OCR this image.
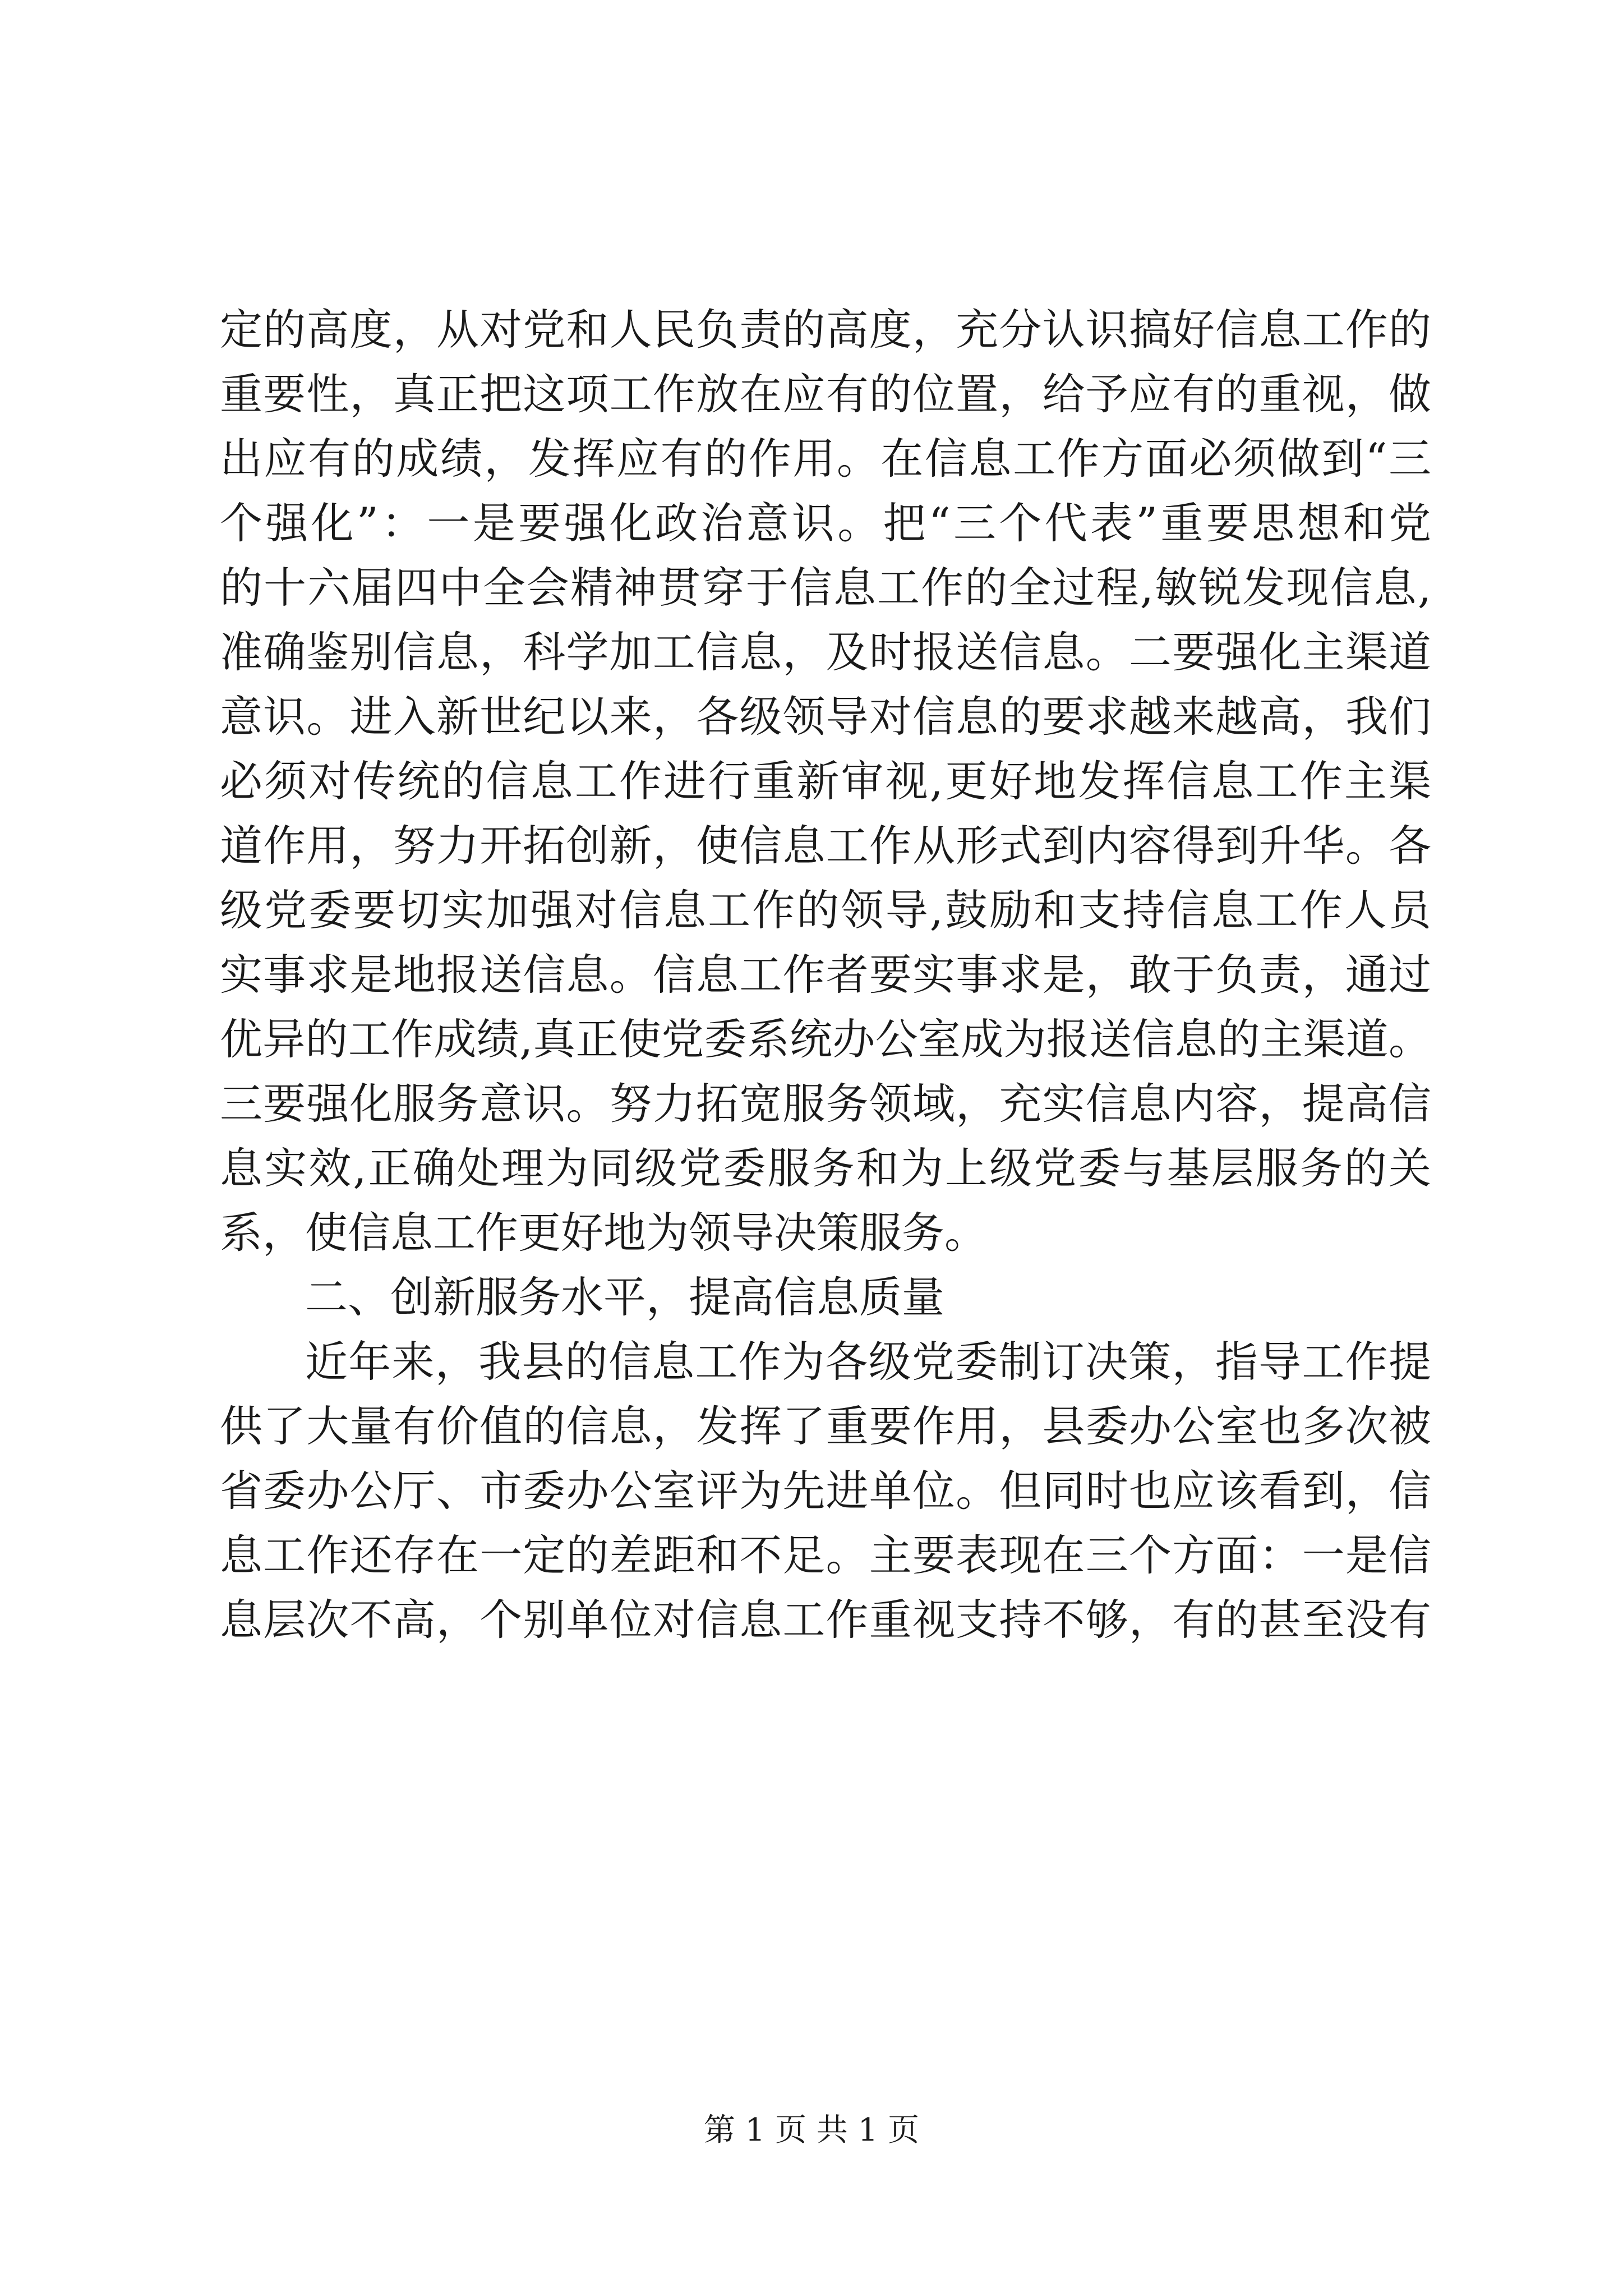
定的高度，从对党和人民负责的高度，充分认识搞好信息工作的
重要性，真正把这项工作放在应有的位置，给予应有的重视，做
出应有的成绩，发挥应有的作用。在信息工作方面必须做到“三
个强化”：一是要强化政治意识。把“三个代表”重要思想和党
的十六届四中全会精神贯穿于信息工作的全过程,敏锐发现信息,
准确鉴别信息，科学加工信息，及时报送信息。二要强化主渠道
意识。进入新世纪以来，各级领导对信息的要求越来越高，我们
必须对传统的信息工作进行重新审视,更好地发挥信息工作主渠
道作用，努力开拓创新，使信息工作从形式到内容得到升华。各
级党委要切实加强对信息工作的领导,鼓励和支持信息工作人员
实事求是地报送信息。信息工作者要实事求是，敢于负责，通过
优异的工作成绩,真正使党委系统办公室成为报送信息的主渠道。
三要强化服务意识。努力拓宽服务领域，充实信息内容，提高信
息实效,正确处理为同级党委服务和为上级党委与基层服务的关
系，使信息工作更好地为领导决策服务。
二、创新服务水平，提高信息质量
近年来，我县的信息工作为各级党委制订决策，指导工作提
供了大量有价值的信息，发挥了重要作用，县委办公室也多次被
省委办公厅、市委办公室评为先进单位。但同时也应该看到，信
息工作还存在一定的差距和不足。主要表现在三个方面：一是信
息层次不高，个别单位对信息工作重视支持不够，有的甚至没有
第 1 页 共 1 页
